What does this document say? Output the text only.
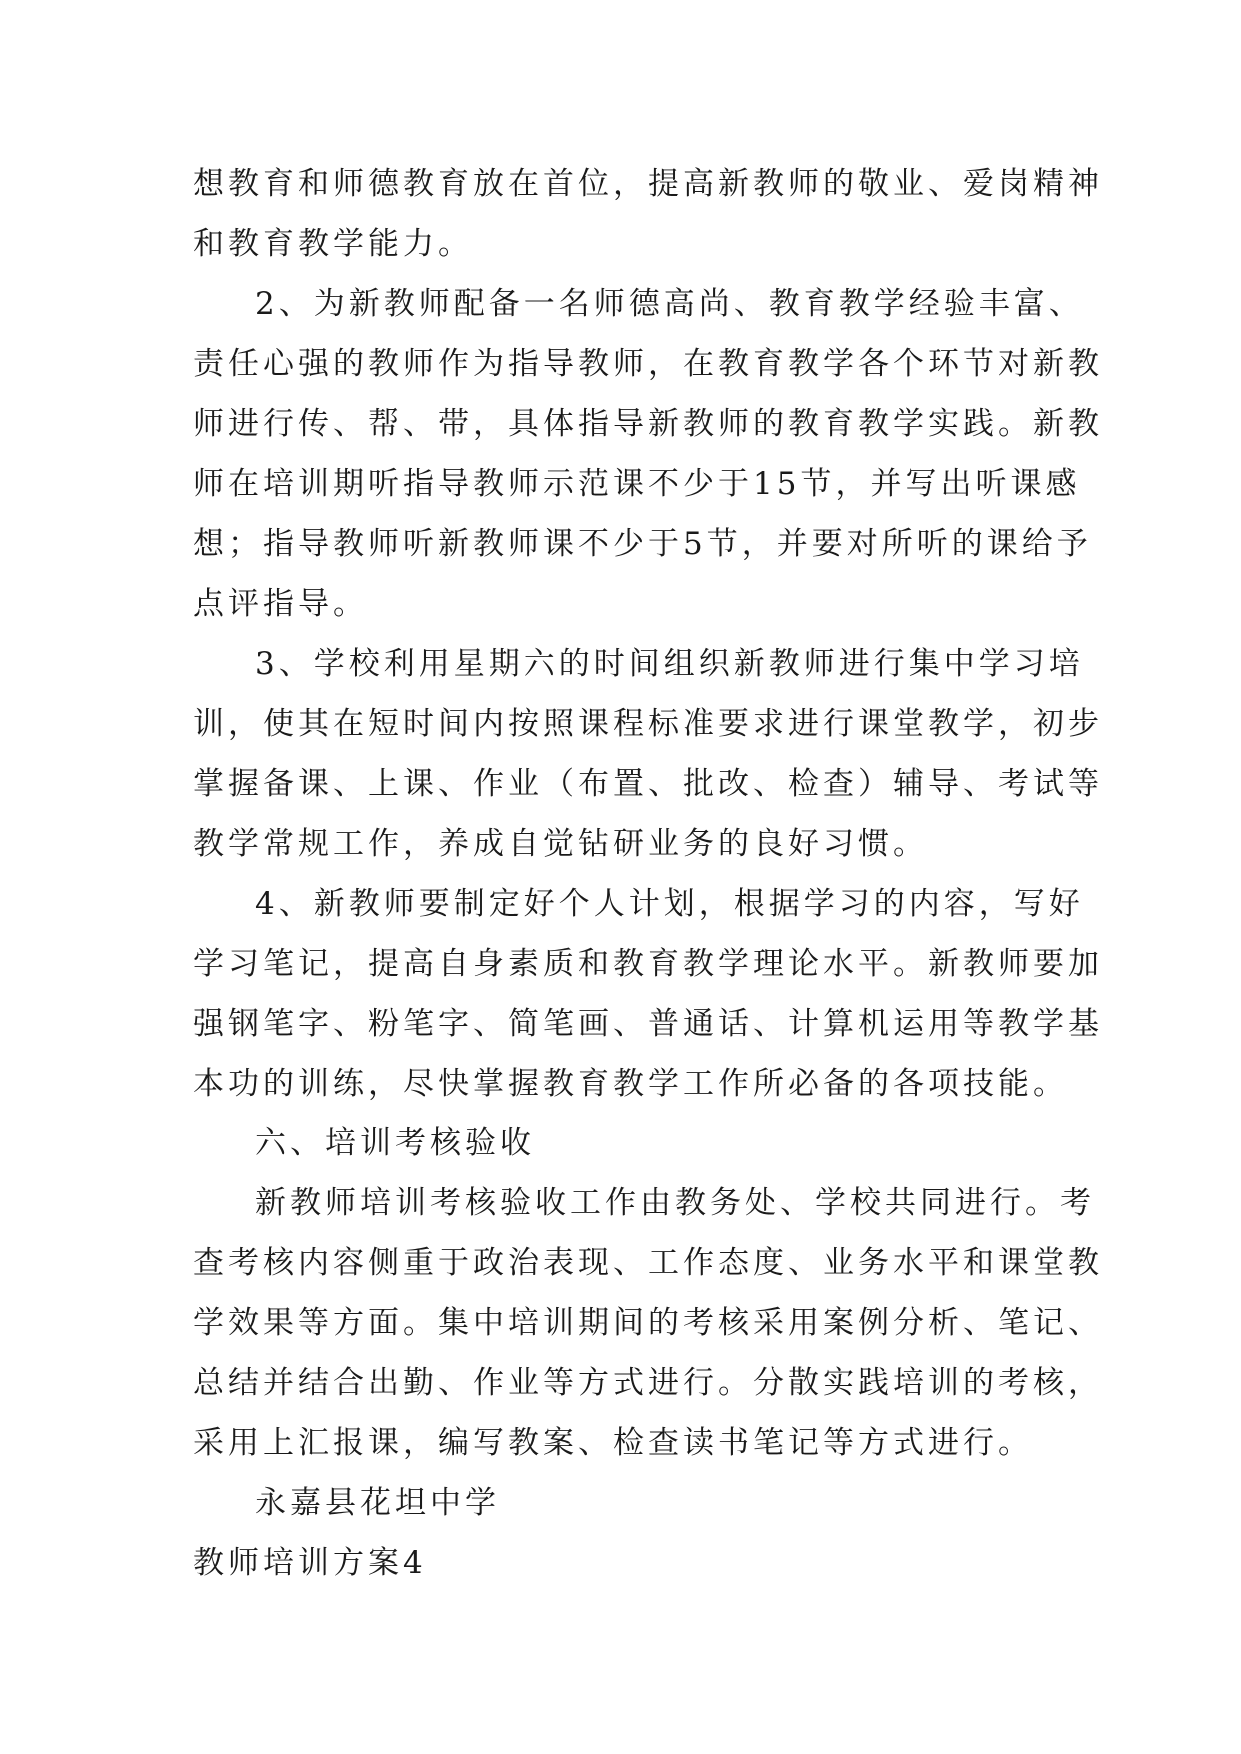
想教育和师德教育放在首位，提高新教师的敬业、爱岗精神
和教育教学能力。
2、为新教师配备一名师德高尚、教育教学经验丰富、
责任心强的教师作为指导教师，在教育教学各个环节对新教
师进行传、帮、带，具体指导新教师的教育教学实践。新教
师在培训期听指导教师示范课不少于15节，并写出听课感
想；指导教师听新教师课不少于5节，并要对所听的课给予
点评指导。
3、学校利用星期六的时间组织新教师进行集中学习培
训，使其在短时间内按照课程标准要求进行课堂教学，初步
掌握备课、上课、作业（布置、批改、检查）辅导、考试等
教学常规工作，养成自觉钻研业务的良好习惯。
4、新教师要制定好个人计划，根据学习的内容，写好
学习笔记，提高自身素质和教育教学理论水平。新教师要加
强钢笔字、粉笔字、简笔画、普通话、计算机运用等教学基
本功的训练，尽快掌握教育教学工作所必备的各项技能。
六、培训考核验收
新教师培训考核验收工作由教务处、学校共同进行。考
查考核内容侧重于政治表现、工作态度、业务水平和课堂教
学效果等方面。集中培训期间的考核采用案例分析、笔记、
总结并结合出勤、作业等方式进行。分散实践培训的考核，
采用上汇报课，编写教案、检查读书笔记等方式进行。
永嘉县花坦中学
教师培训方案4
